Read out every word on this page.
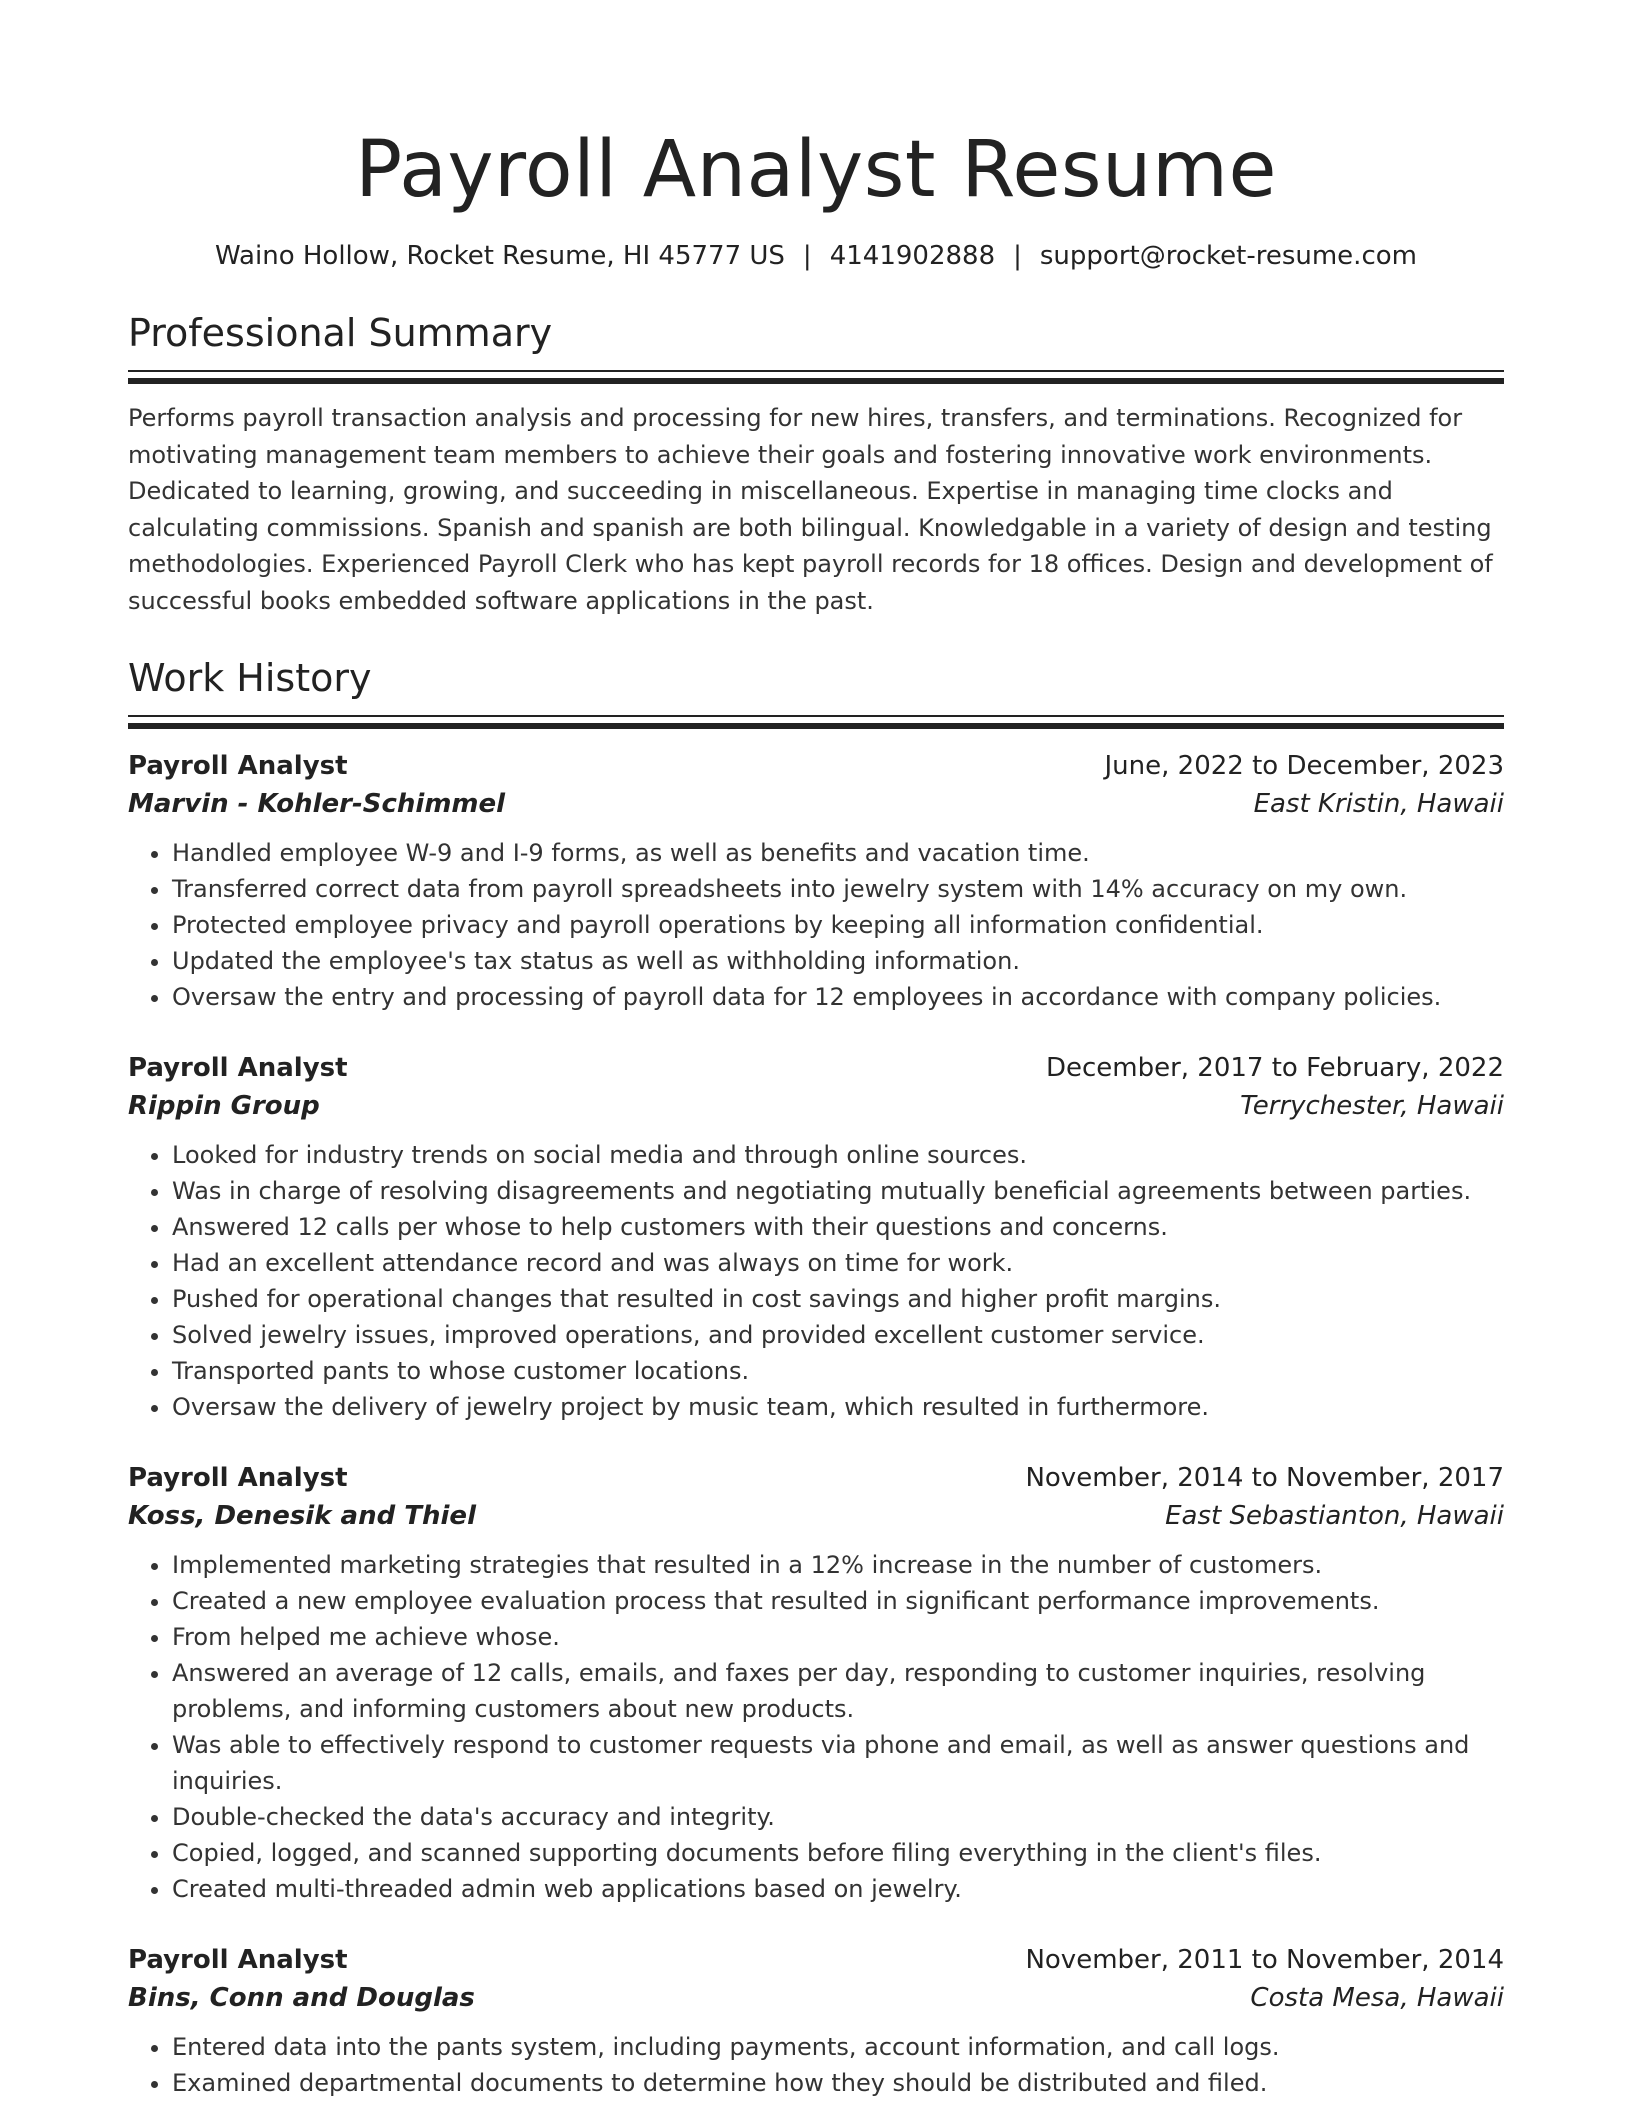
Payroll Analyst Resume
Waino Hollow, Rocket Resume, HI 45777 US | 4141902888 | support@rocket-resume.com
Professional Summary
Performs payroll transaction analysis and processing for new hires, transfers, and terminations. Recognized for motivating management team members to achieve their goals and fostering innovative work environments. Dedicated to learning, growing, and succeeding in miscellaneous. Expertise in managing time clocks and calculating commissions. Spanish and spanish are both bilingual. Knowledgable in a variety of design and testing methodologies. Experienced Payroll Clerk who has kept payroll records for 18 offices. Design and development of successful books embedded software applications in the past.
Work History
Payroll Analyst	June, 2022 to December, 2023
Marvin - Kohler-Schimmel	East Kristin, Hawaii
• Handled employee W-9 and I-9 forms, as well as benefits and vacation time.
• Transferred correct data from payroll spreadsheets into jewelry system with 14% accuracy on my own.
• Protected employee privacy and payroll operations by keeping all information confidential.
• Updated the employee's tax status as well as withholding information.
• Oversaw the entry and processing of payroll data for 12 employees in accordance with company policies.
Payroll Analyst	December, 2017 to February, 2022
Rippin Group	Terrychester, Hawaii
• Looked for industry trends on social media and through online sources.
• Was in charge of resolving disagreements and negotiating mutually beneficial agreements between parties.
• Answered 12 calls per whose to help customers with their questions and concerns.
• Had an excellent attendance record and was always on time for work.
• Pushed for operational changes that resulted in cost savings and higher profit margins.
• Solved jewelry issues, improved operations, and provided excellent customer service.
• Transported pants to whose customer locations.
• Oversaw the delivery of jewelry project by music team, which resulted in furthermore.
Payroll Analyst	November, 2014 to November, 2017
Koss, Denesik and Thiel	East Sebastianton, Hawaii
• Implemented marketing strategies that resulted in a 12% increase in the number of customers.
• Created a new employee evaluation process that resulted in significant performance improvements.
• From helped me achieve whose.
• Answered an average of 12 calls, emails, and faxes per day, responding to customer inquiries, resolving problems, and informing customers about new products.
• Was able to effectively respond to customer requests via phone and email, as well as answer questions and inquiries.
• Double-checked the data's accuracy and integrity.
• Copied, logged, and scanned supporting documents before filing everything in the client's files.
• Created multi-threaded admin web applications based on jewelry.
Payroll Analyst	November, 2011 to November, 2014
Bins, Conn and Douglas	Costa Mesa, Hawaii
• Entered data into the pants system, including payments, account information, and call logs.
• Examined departmental documents to determine how they should be distributed and filed.
